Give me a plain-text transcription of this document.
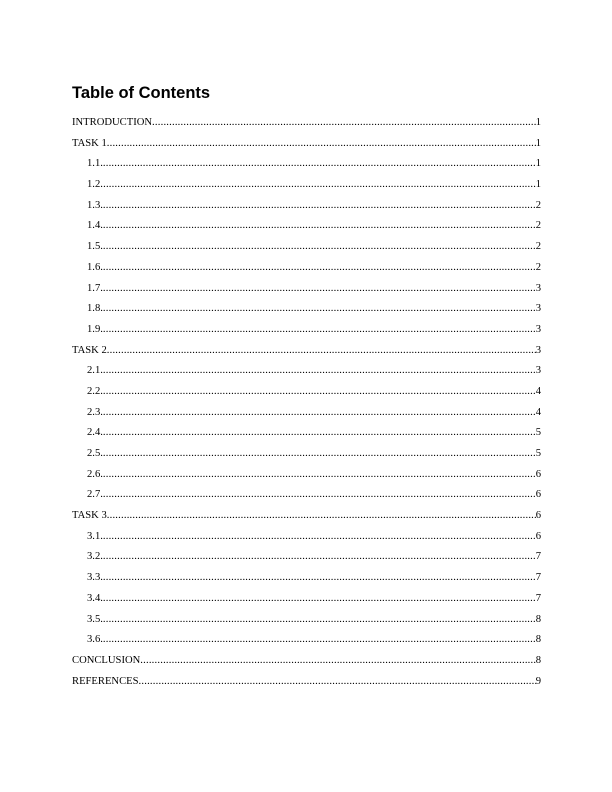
Table of Contents
INTRODUCTION .....	1
TASK 1 .....	1
1.1. .....	1
1.2 .....	1
1.3. .....	2
1.4. .....	2
1.5. .....	2
1.6. .....	2
1.7. .....	3
1.8. .....	3
1.9. .....	3
TASK 2 .....	3
2.1. .....	3
2.2. .....	4
2.3. .....	4
2.4. .....	5
2.5. .....	5
2.6. .....	6
2.7. .....	6
TASK 3 .....	6
3.1. .....	6
3.2. .....	7
3.3. .....	7
3.4. .....	7
3.5. .....	8
3.6. .....	8
CONCLUSION .....	8
REFERENCES .....	9
